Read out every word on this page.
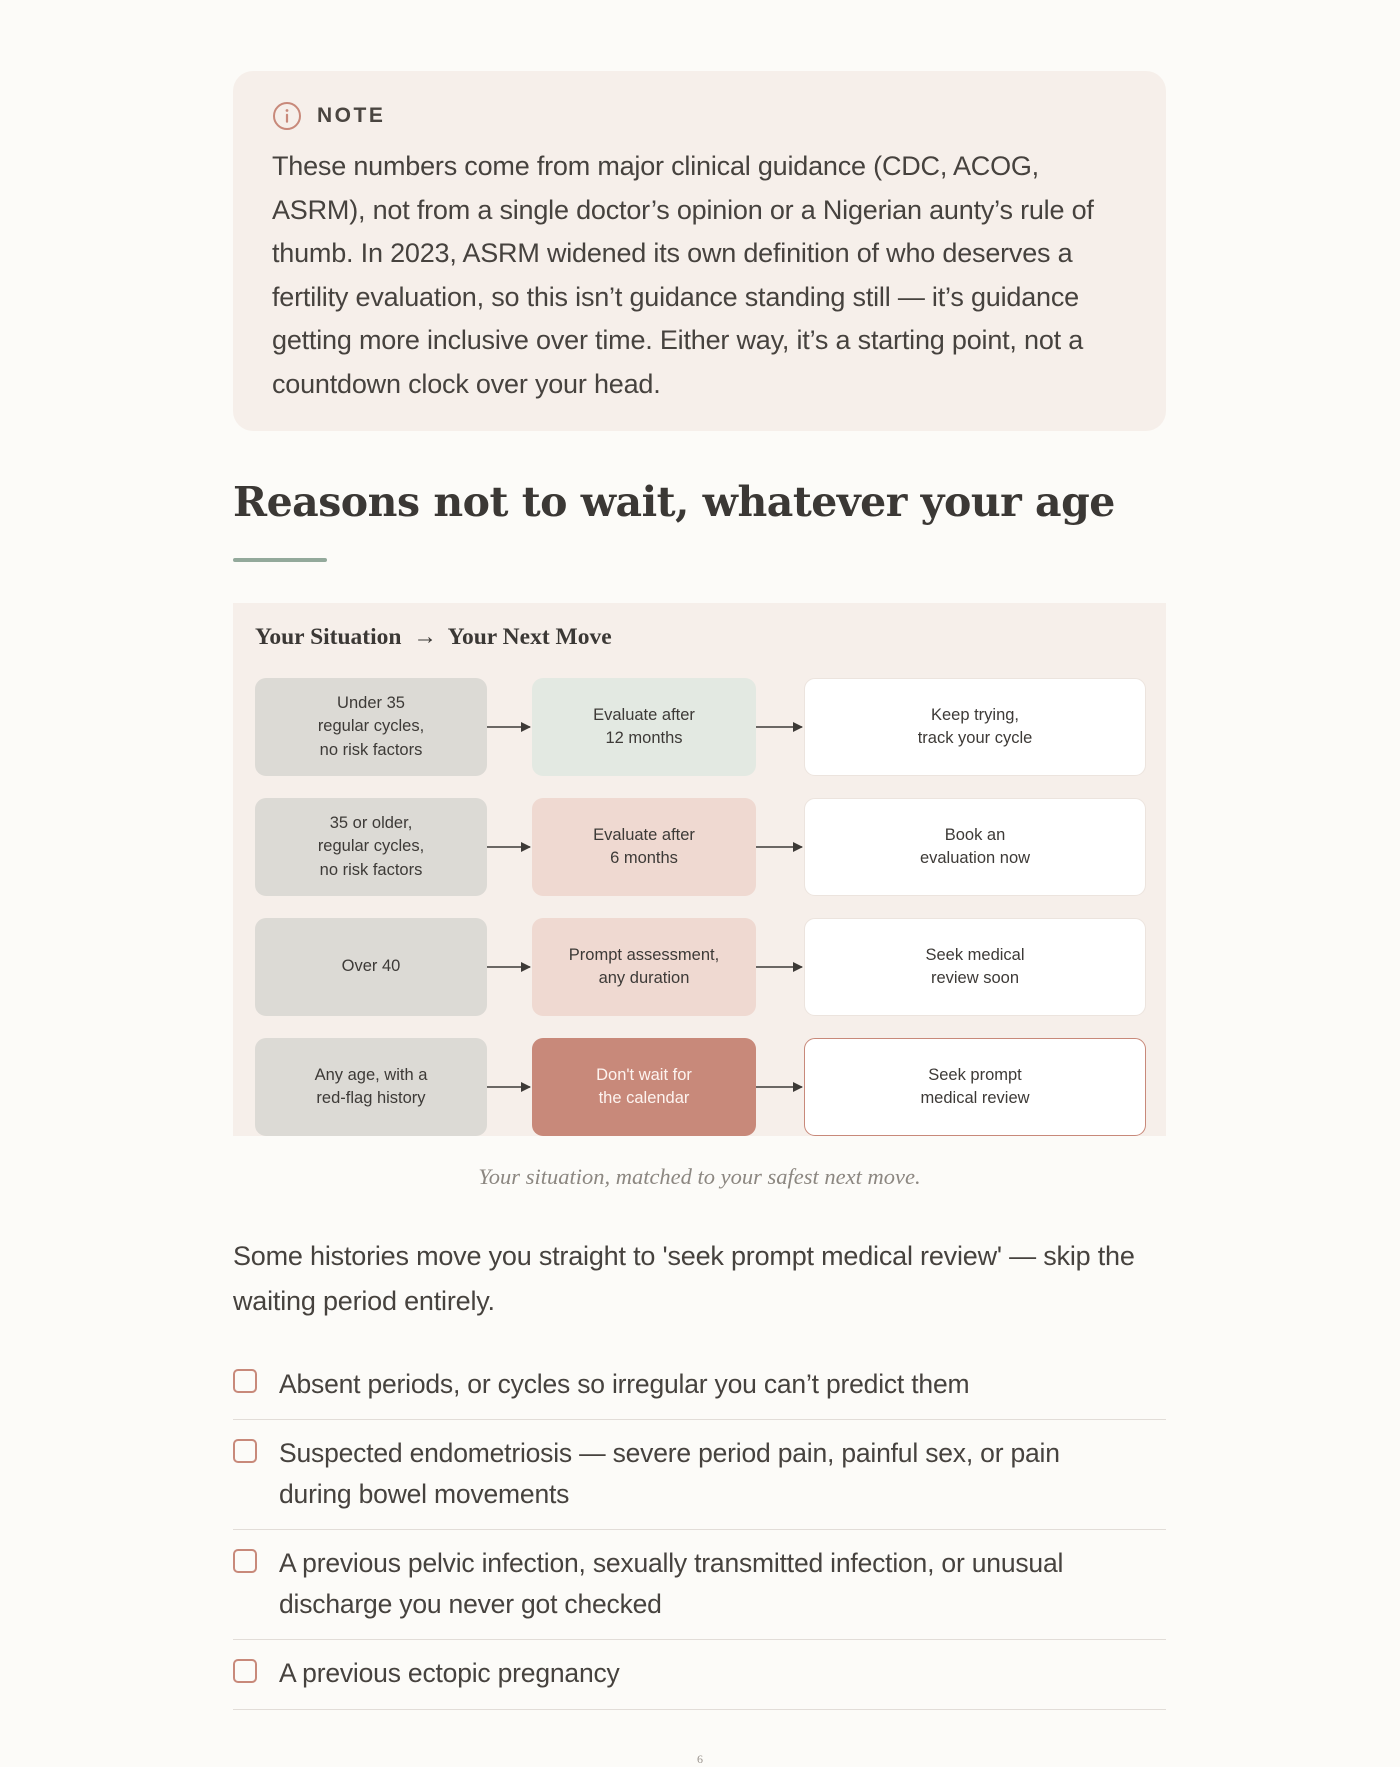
NOTE
These numbers come from major clinical guidance (CDC, ACOG, ASRM), not from a single doctor’s opinion or a Nigerian aunty’s rule of thumb. In 2023, ASRM widened its own definition of who deserves a fertility evaluation, so this isn’t guidance standing still — it’s guidance getting more inclusive over time. Either way, it’s a starting point, not a countdown clock over your head.
Reasons not to wait, whatever your age
Your Situation  →  Your Next Move
Under 35
regular cycles,
no risk factors
Evaluate after
12 months
Keep trying,
track your cycle
35 or older,
regular cycles,
no risk factors
Evaluate after
6 months
Book an
evaluation now
Over 40
Prompt assessment,
any duration
Seek medical
review soon
Any age, with a
red-flag history
Don't wait for
the calendar
Seek prompt
medical review
Your situation, matched to your safest next move.
Some histories move you straight to 'seek prompt medical review' — skip the waiting period entirely.
Absent periods, or cycles so irregular you can’t predict them
Suspected endometriosis — severe period pain, painful sex, or pain during bowel movements
A previous pelvic infection, sexually transmitted infection, or unusual discharge you never got checked
A previous ectopic pregnancy
6
